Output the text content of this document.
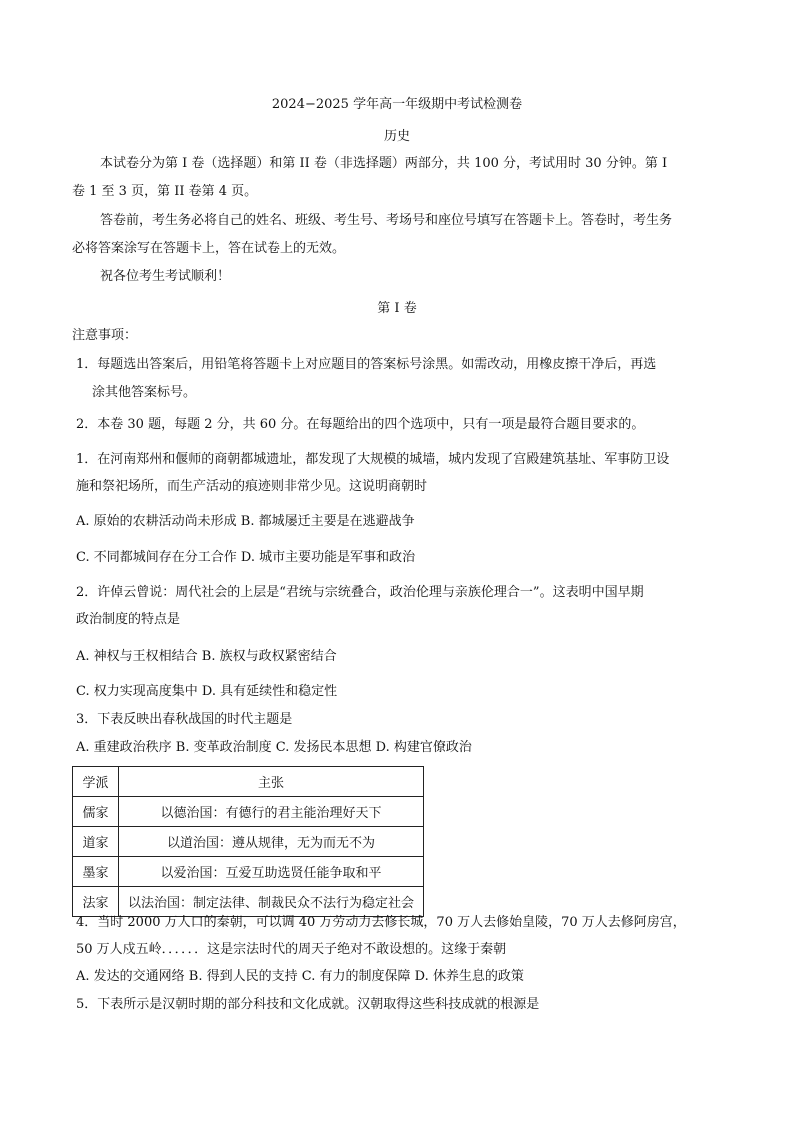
2024−2025 学年高一年级期中考试检测卷
历史
本试卷分为第 I 卷（选择题）和第 II 卷（非选择题）两部分，共 100 分，考试用时 30 分钟。第 I
卷 1 至 3 页，第 II 卷第 4 页。
答卷前，考生务必将自己的姓名、班级、考生号、考场号和座位号填写在答题卡上。答卷时，考生务
必将答案涂写在答题卡上，答在试卷上的无效。
祝各位考生考试顺利！
第 I 卷
注意事项：
1．每题选出答案后，用铅笔将答题卡上对应题目的答案标号涂黑。如需改动，用橡皮擦干净后，再选
涂其他答案标号。
2．本卷 30 题，每题 2 分，共 60 分。在每题给出的四个选项中，只有一项是最符合题目要求的。
1．在河南郑州和偃师的商朝都城遗址，都发现了大规模的城墙，城内发现了宫殿建筑基址、军事防卫设
施和祭祀场所，而生产活动的痕迹则非常少见。这说明商朝时
A. 原始的农耕活动尚未形成 B. 都城屡迁主要是在逃避战争
C. 不同都城间存在分工合作 D. 城市主要功能是军事和政治
2．许倬云曾说：周代社会的上层是“君统与宗统叠合，政治伦理与亲族伦理合一”。这表明中国早期
政治制度的特点是
A. 神权与王权相结合 B. 族权与政权紧密结合
C. 权力实现高度集中 D. 具有延续性和稳定性
3．下表反映出春秋战国的时代主题是
A. 重建政治秩序 B. 变革政治制度 C. 发扬民本思想 D. 构建官僚政治
学派	主张
儒家	以德治国：有德行的君主能治理好天下
道家	以道治国：遵从规律，无为而无不为
墨家	以爱治国：互爱互助选贤任能争取和平
法家	以法治国：制定法律、制裁民众不法行为稳定社会
4．当时 2000 万人口的秦朝，可以调 40 万劳动力去修长城，70 万人去修始皇陵，70 万人去修阿房宫，
50 万人戍五岭．．．．．．这是宗法时代的周天子绝对不敢设想的。这缘于秦朝
A. 发达的交通网络 B. 得到人民的支持 C. 有力的制度保障 D. 休养生息的政策
5．下表所示是汉朝时期的部分科技和文化成就。汉朝取得这些科技成就的根源是
